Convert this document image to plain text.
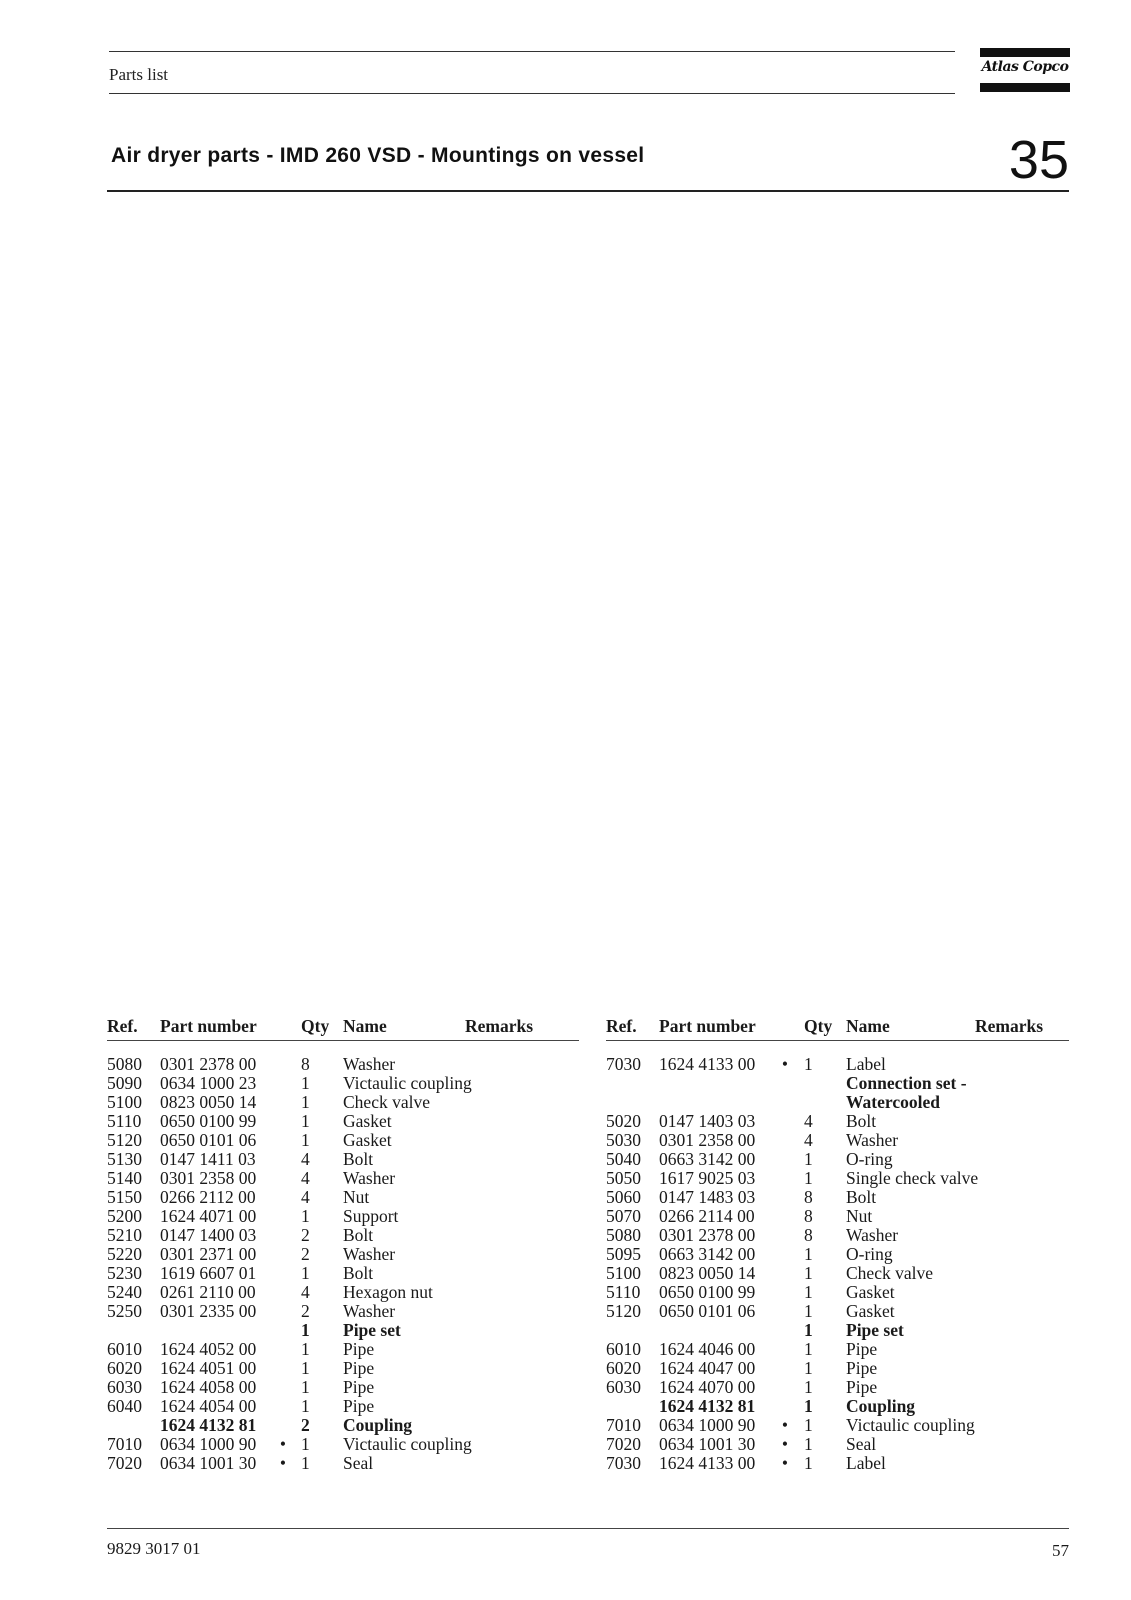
Parts list	Atlas Copco
Air dryer parts - IMD 260 VSD - Mountings on vessel	35
Ref. Part number	Qty Name	Remarks
5080 0301 2378 00	8 Washer
5090 0634 1000 23	1 Victaulic coupling
5100 0823 0050 14	1 Check valve
5110 0650 0100 99	1 Gasket
5120 0650 0101 06	1 Gasket
5130 0147 1411 03	4 Bolt
5140 0301 2358 00	4 Washer
5150 0266 2112 00	4 Nut
5200 1624 4071 00	1 Support
5210 0147 1400 03	2 Bolt
5220 0301 2371 00	2 Washer
5230 1619 6607 01	1 Bolt
5240 0261 2110 00	4 Hexagon nut
5250 0301 2335 00	2 Washer
1 Pipe set
6010 1624 4052 00	1 Pipe
6020 1624 4051 00	1 Pipe
6030 1624 4058 00	1 Pipe
6040 1624 4054 00	1 Pipe
1624 4132 81	2 Coupling
7010 0634 1000 90 • 1 Victaulic coupling
7020 0634 1001 30 • 1 Seal
Ref. Part number	Qty Name	Remarks
7030 1624 4133 00 • 1 Label
Connection set -
Watercooled
5020 0147 1403 03	4 Bolt
5030 0301 2358 00	4 Washer
5040 0663 3142 00	1 O-ring
5050 1617 9025 03	1 Single check valve
5060 0147 1483 03	8 Bolt
5070 0266 2114 00	8 Nut
5080 0301 2378 00	8 Washer
5095 0663 3142 00	1 O-ring
5100 0823 0050 14	1 Check valve
5110 0650 0100 99	1 Gasket
5120 0650 0101 06	1 Gasket
1 Pipe set
6010 1624 4046 00	1 Pipe
6020 1624 4047 00	1 Pipe
6030 1624 4070 00	1 Pipe
1624 4132 81	1 Coupling
7010 0634 1000 90 • 1 Victaulic coupling
7020 0634 1001 30 • 1 Seal
7030 1624 4133 00 • 1 Label
9829 3017 01	57
